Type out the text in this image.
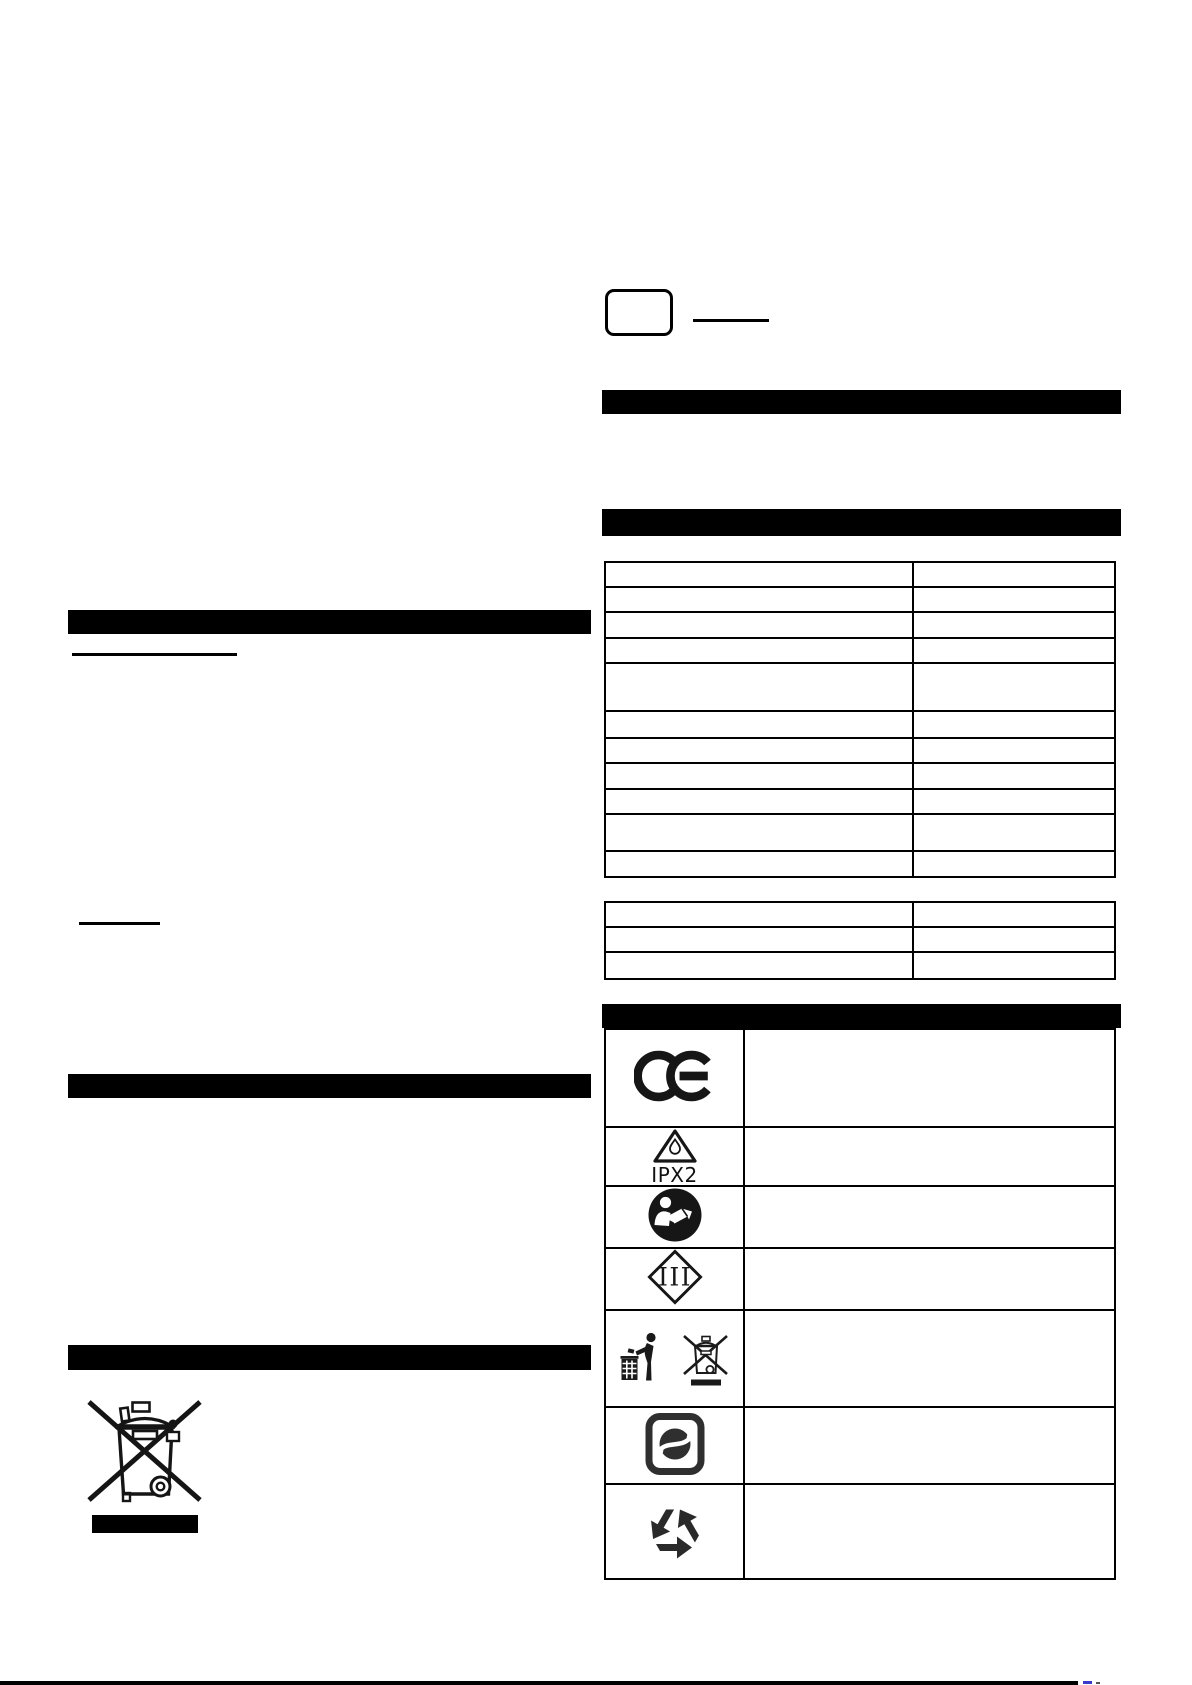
IPX2	

III	
